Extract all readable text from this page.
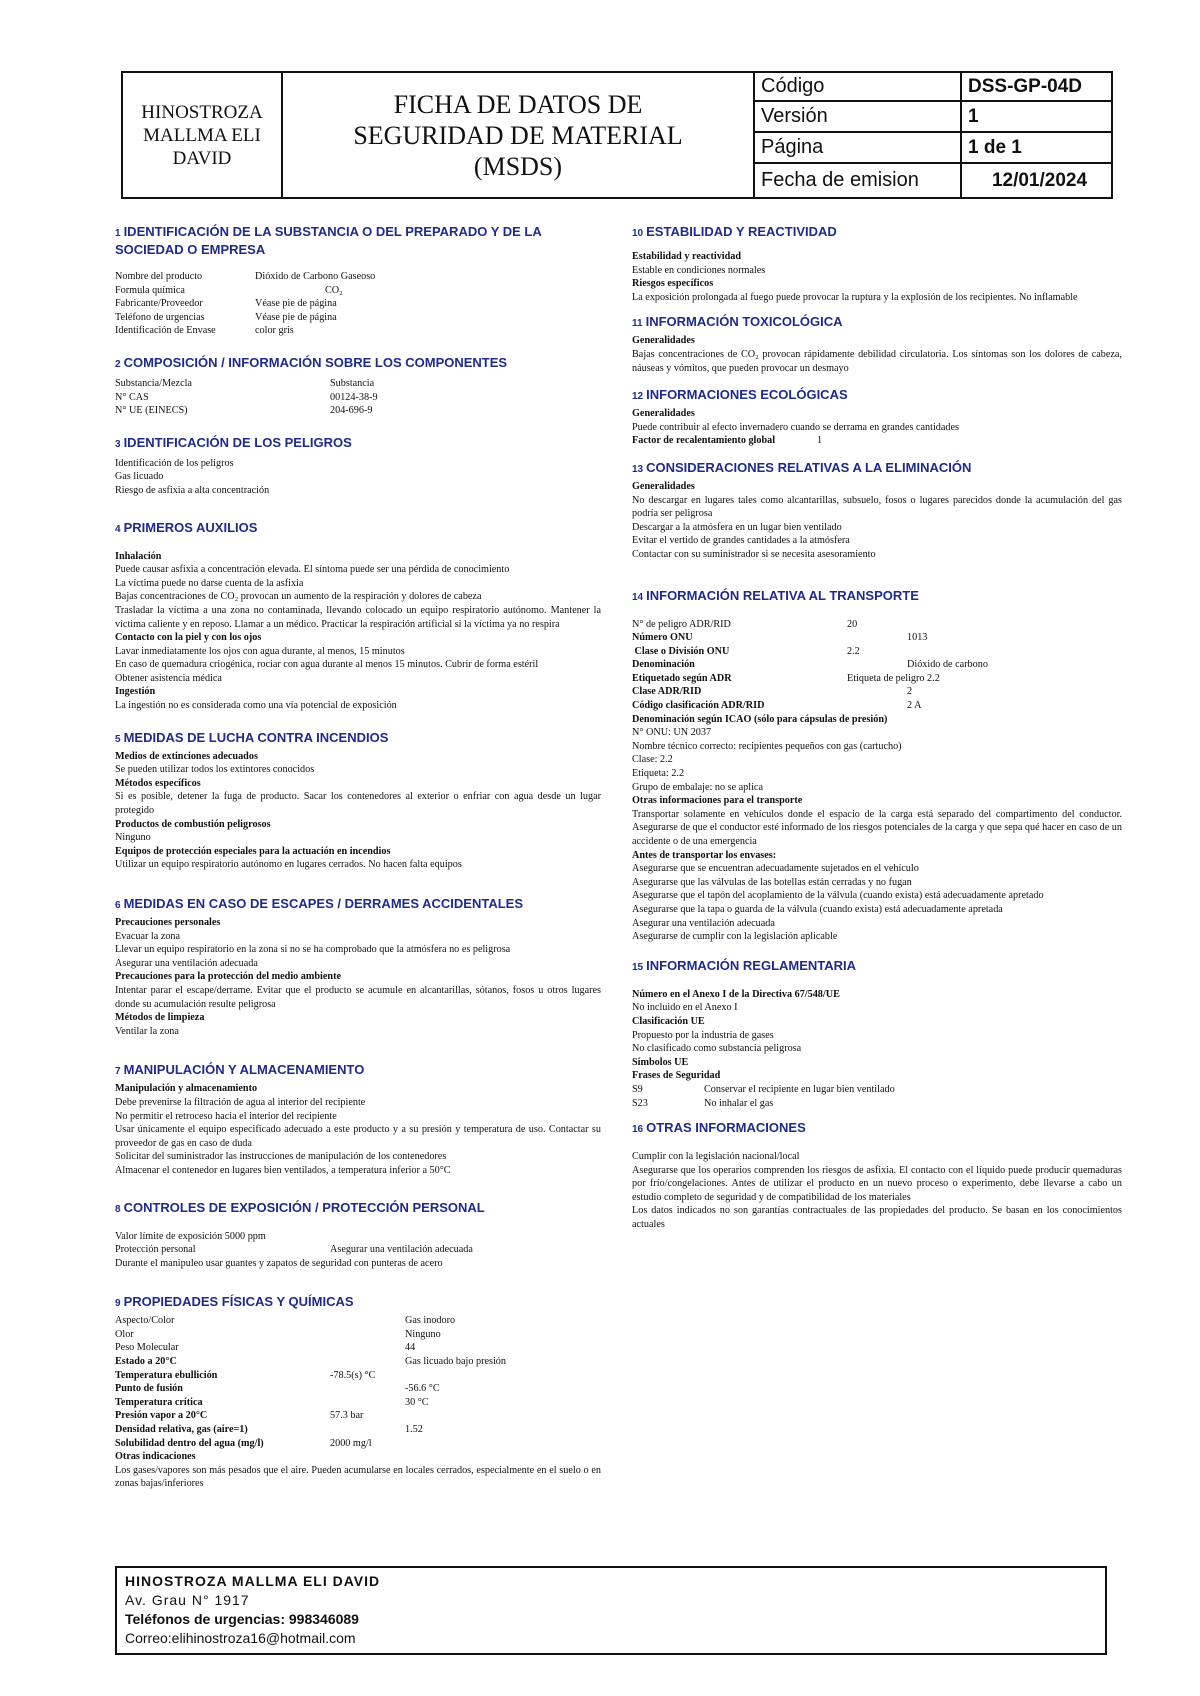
HINOSTROZA
MALLMA ELI
DAVID
FICHA DE DATOS DE
SEGURIDAD DE MATERIAL
(MSDS)
Código	DSS-GP-04D
Versión	1
Página	1 de 1
Fecha de emision	12/01/2024
1 IDENTIFICACIÓN DE LA SUBSTANCIA O DEL PREPARADO Y DE LA SOCIEDAD O EMPRESA
Nombre del producto	Dióxido de Carbono Gaseoso
Formula química	CO₂
Fabricante/Proveedor	Véase pie de página
Teléfono de urgencias	Véase pie de página
Identificación de Envase	color gris
2 COMPOSICIÓN / INFORMACIÓN SOBRE LOS COMPONENTES
Substancia/Mezcla	Substancia
N° CAS	00124-38-9
N° UE (EINECS)	204-696-9
3 IDENTIFICACIÓN DE LOS PELIGROS
Identificación de los peligros
Gas licuado
Riesgo de asfixia a alta concentración
4 PRIMEROS AUXILIOS
Inhalación
Puede causar asfixia a concentración elevada. El síntoma puede ser una pérdida de conocimiento
La víctima puede no darse cuenta de la asfixia
Bajas concentraciones de CO₂ provocan un aumento de la respiración y dolores de cabeza
Trasladar la víctima a una zona no contaminada, llevando colocado un equipo respiratorio autónomo. Mantener la víctima caliente y en reposo. Llamar a un médico. Practicar la respiración artificial si la víctima ya no respira
Contacto con la piel y con los ojos
Lavar inmediatamente los ojos con agua durante, al menos, 15 minutos
En caso de quemadura criogénica, rociar con agua durante al menos 15 minutos. Cubrir de forma estéril
Obtener asistencia médica
Ingestión
La ingestión no es considerada como una vía potencial de exposición
5 MEDIDAS DE LUCHA CONTRA INCENDIOS
Medios de extinciones adecuados
Se pueden utilizar todos los extintores conocidos
Métodos específicos
Si es posible, detener la fuga de producto. Sacar los contenedores al exterior o enfriar con agua desde un lugar protegido
Productos de combustión peligrosos
Ninguno
Equipos de protección especiales para la actuación en incendios
Utilizar un equipo respiratorio autónomo en lugares cerrados. No hacen falta equipos
6 MEDIDAS EN CASO DE ESCAPES / DERRAMES ACCIDENTALES
Precauciones personales
Evacuar la zona
Llevar un equipo respiratorio en la zona si no se ha comprobado que la atmósfera no es peligrosa
Asegurar una ventilación adecuada
Precauciones para la protección del medio ambiente
Intentar parar el escape/derrame. Evitar que el producto se acumule en alcantarillas, sótanos, fosos u otros lugares donde su acumulación resulte peligrosa
Métodos de limpieza
Ventilar la zona
7 MANIPULACIÓN Y ALMACENAMIENTO
Manipulación y almacenamiento
Debe prevenirse la filtración de agua al interior del recipiente
No permitir el retroceso hacia el interior del recipiente
Usar únicamente el equipo especificado adecuado a este producto y a su presión y temperatura de uso. Contactar su proveedor de gas en caso de duda
Solicitar del suministrador las instrucciones de manipulación de los contenedores
Almacenar el contenedor en lugares bien ventilados, a temperatura inferior a 50°C
8 CONTROLES DE EXPOSICIÓN / PROTECCIÓN PERSONAL
Valor límite de exposición 5000 ppm
Protección personal	Asegurar una ventilación adecuada
Durante el manipuleo usar guantes y zapatos de seguridad con punteras de acero
9 PROPIEDADES FÍSICAS Y QUÍMICAS
Aspecto/Color	Gas inodoro
Olor	Ninguno
Peso Molecular	44
Estado a 20°C	Gas licuado bajo presión
Temperatura ebullición	-78.5(s) °C
Punto de fusión	-56.6 °C
Temperatura crítica	30 °C
Presión vapor a 20°C	57.3 bar
Densidad relativa, gas (aire=1)	1.52
Solubilidad dentro del agua (mg/l)	2000 mg/l
Otras indicaciones
Los gases/vapores son más pesados que el aire. Pueden acumularse en locales cerrados, especialmente en el suelo o en zonas bajas/inferiores
10 ESTABILIDAD Y REACTIVIDAD
Estabilidad y reactividad
Estable en condiciones normales
Riesgos específicos
La exposición prolongada al fuego puede provocar la ruptura y la explosión de los recipientes. No inflamable
11 INFORMACIÓN TOXICOLÓGICA
Generalidades
Bajas concentraciones de CO₂ provocan rápidamente debilidad circulatoria. Los síntomas son los dolores de cabeza, náuseas y vómitos, que pueden provocar un desmayo
12 INFORMACIONES ECOLÓGICAS
Generalidades
Puede contribuir al efecto invernadero cuando se derrama en grandes cantidades
Factor de recalentamiento global	1
13 CONSIDERACIONES RELATIVAS A LA ELIMINACIÓN
Generalidades
No descargar en lugares tales como alcantarillas, subsuelo, fosos o lugares parecidos donde la acumulación del gas podría ser peligrosa
Descargar a la atmósfera en un lugar bien ventilado
Evitar el vertido de grandes cantidades a la atmósfera
Contactar con su suministrador si se necesita asesoramiento
14 INFORMACIÓN RELATIVA AL TRANSPORTE
N° de peligro ADR/RID	20
Número ONU	1013
Clase o División ONU	2.2
Denominación	Dióxido de carbono
Etiquetado según ADR	Etiqueta de peligro 2.2
Clase ADR/RID	2
Código clasificación ADR/RID	2 A
Denominación según ICAO (sólo para cápsulas de presión)
N° ONU: UN 2037
Nombre técnico correcto: recipientes pequeños con gas (cartucho)
Clase: 2.2
Etiqueta: 2.2
Grupo de embalaje: no se aplica
Otras informaciones para el transporte
Transportar solamente en vehículos donde el espacio de la carga está separado del compartimento del conductor. Asegurarse de que el conductor esté informado de los riesgos potenciales de la carga y que sepa qué hacer en caso de un accidente o de una emergencia
Antes de transportar los envases:
Asegurarse que se encuentran adecuadamente sujetados en el vehículo
Asegurarse que las válvulas de las botellas están cerradas y no fugan
Asegurarse que el tapón del acoplamiento de la válvula (cuando exista) está adecuadamente apretado
Asegurarse que la tapa o guarda de la válvula (cuando exista) está adecuadamente apretada
Asegurar una ventilación adecuada
Asegurarse de cumplir con la legislación aplicable
15 INFORMACIÓN REGLAMENTARIA
Número en el Anexo I de la Directiva 67/548/UE
No incluido en el Anexo I
Clasificación UE
Propuesto por la industria de gases
No clasificado como substancia peligrosa
Símbolos UE
Frases de Seguridad
S9	Conservar el recipiente en lugar bien ventilado
S23	No inhalar el gas
16 OTRAS INFORMACIONES
Cumplir con la legislación nacional/local
Asegurarse que los operarios comprenden los riesgos de asfixia. El contacto con el líquido puede producir quemaduras por frío/congelaciones. Antes de utilizar el producto en un nuevo proceso o experimento, debe llevarse a cabo un estudio completo de seguridad y de compatibilidad de los materiales
Los datos indicados no son garantías contractuales de las propiedades del producto. Se basan en los conocimientos actuales
HINOSTROZA MALLMA ELI DAVID
Av. Grau N° 1917
Teléfonos de urgencias: 998346089
Correo:elihinostroza16@hotmail.com
